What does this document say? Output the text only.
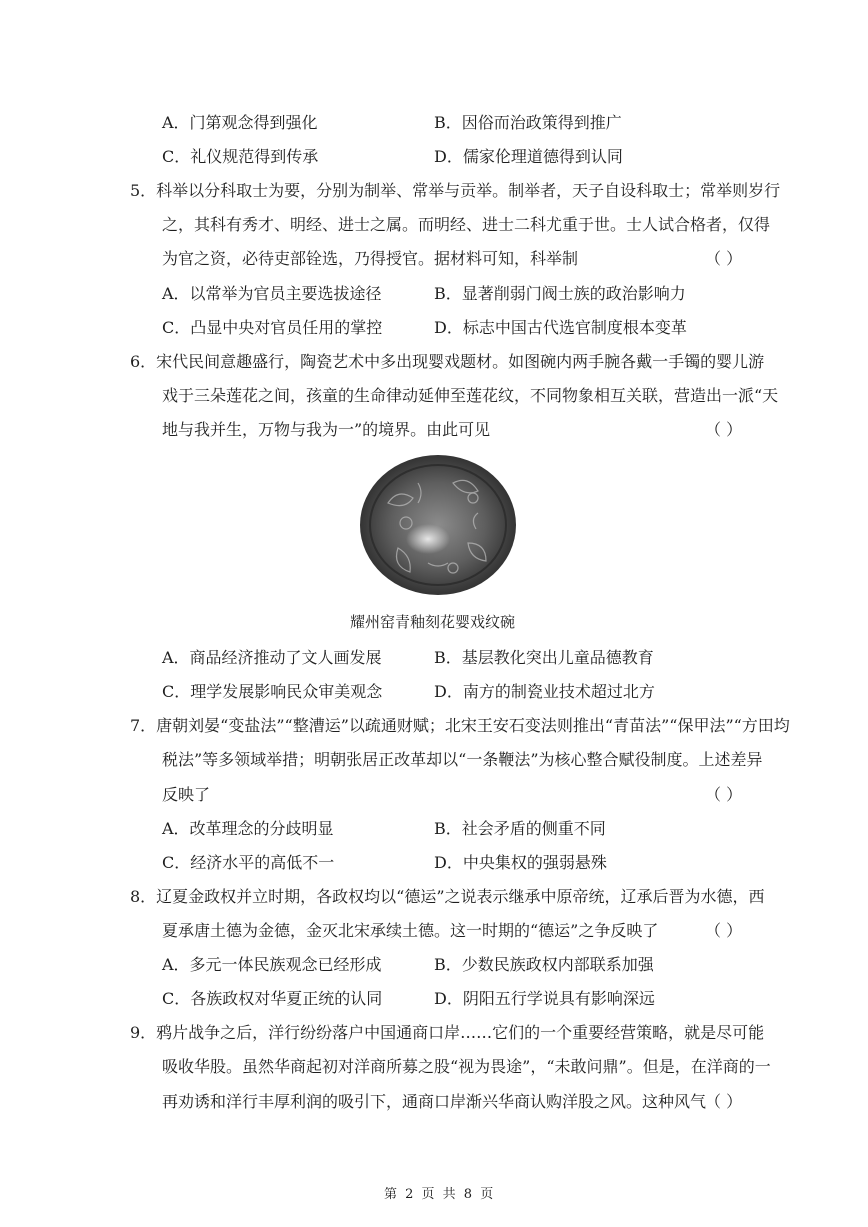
A．门第观念得到强化	B．因俗而治政策得到推广
C．礼仪规范得到传承	D．儒家伦理道德得到认同
5．科举以分科取士为要，分别为制举、常举与贡举。制举者，天子自设科取士；常举则岁行
之，其科有秀才、明经、进士之属。而明经、进士二科尤重于世。士人试合格者，仅得
为官之资，必待吏部铨选，乃得授官。据材料可知，科举制	（ ）
A．以常举为官员主要选拔途径	B．显著削弱门阀士族的政治影响力
C．凸显中央对官员任用的掌控	D．标志中国古代选官制度根本变革
6．宋代民间意趣盛行，陶瓷艺术中多出现婴戏题材。如图碗内两手腕各戴一手镯的婴儿游
戏于三朵莲花之间，孩童的生命律动延伸至莲花纹，不同物象相互关联，营造出一派“天
地与我并生，万物与我为一”的境界。由此可见	（ ）
耀州窑青釉刻花婴戏纹碗
A．商品经济推动了文人画发展	B．基层教化突出儿童品德教育
C．理学发展影响民众审美观念	D．南方的制瓷业技术超过北方
7．唐朝刘晏“变盐法”“整漕运”以疏通财赋；北宋王安石变法则推出“青苗法”“保甲法”“方田均
税法”等多领域举措；明朝张居正改革却以“一条鞭法”为核心整合赋役制度。上述差异
反映了	（ ）
A．改革理念的分歧明显	B．社会矛盾的侧重不同
C．经济水平的高低不一	D．中央集权的强弱悬殊
8．辽夏金政权并立时期，各政权均以“德运”之说表示继承中原帝统，辽承后晋为水德，西
夏承唐土德为金德，金灭北宋承续土德。这一时期的“德运”之争反映了	（ ）
A．多元一体民族观念已经形成	B．少数民族政权内部联系加强
C．各族政权对华夏正统的认同	D．阴阳五行学说具有影响深远
9．鸦片战争之后，洋行纷纷落户中国通商口岸……它们的一个重要经营策略，就是尽可能
吸收华股。虽然华商起初对洋商所募之股“视为畏途”，“未敢问鼎”。但是，在洋商的一
再劝诱和洋行丰厚利润的吸引下，通商口岸渐兴华商认购洋股之风。这种风气
（ ）
第 2 页 共 8 页
